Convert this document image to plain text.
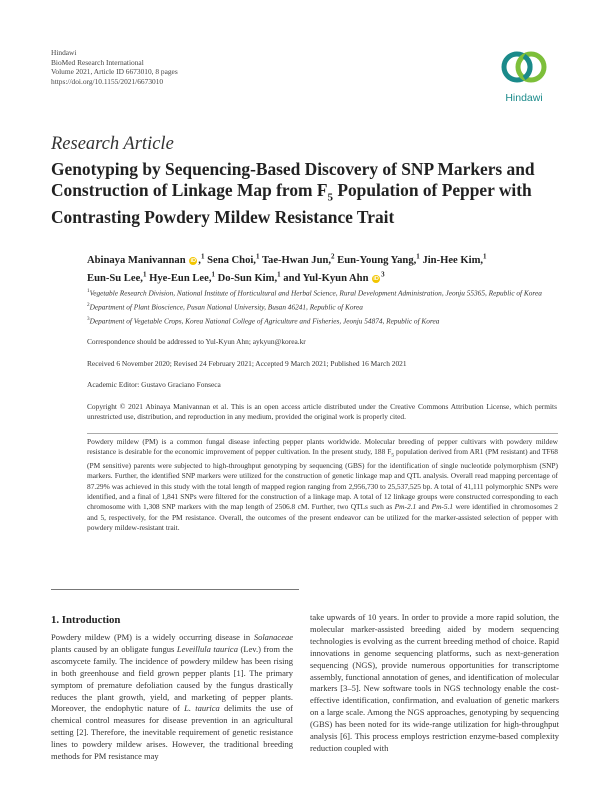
Hindawi
BioMed Research International
Volume 2021, Article ID 6673010, 8 pages
https://doi.org/10.1155/2021/6673010
Hindawi
Research Article
Genotyping by Sequencing-Based Discovery of SNP Markers and
Construction of Linkage Map from $F_5$ Population of Pepper with
Contrasting Powdery Mildew Resistance Trait
Abinaya Manivannan iD ,$^1$ Sena Choi,$^1$ Tae-Hwan Jun,$^2$ Eun-Young Yang,$^1$ Jin-Hee Kim,$^1$
Eun-Su Lee,$^1$ Hye-Eun Lee,$^1$ Do-Sun Kim,$^1$ and Yul-Kyun Ahn $iD^3$
$^1$Vegetable Research Division, National Institute of Horticultural and Herbal Science, Rural Development Administration, Jeonju 55365, Republic of Korea
$^2$Department of Plant Bioscience, Pusan National University, Busan 46241, Republic of Korea
$^3$Department of Vegetable Crops, Korea National College of Agriculture and Fisheries, Jeonju 54874, Republic of Korea
Correspondence should be addressed to Yul-Kyun Ahn; aykyun@korea.kr
Received 6 November 2020; Revised 24 February 2021; Accepted 9 March 2021; Published 16 March 2021
Academic Editor: Gustavo Graciano Fonseca
Copyright © 2021 Abinaya Manivannan et al. This is an open access article distributed under the Creative Commons Attribution License, which permits unrestricted use, distribution, and reproduction in any medium, provided the original work is properly cited.
Powdery mildew (PM) is a common fungal disease infecting pepper plants worldwide. Molecular breeding of pepper cultivars with powdery mildew resistance is desirable for the economic improvement of pepper cultivation. In the present study, 188 $F_5$ population derived from AR1 (PM resistant) and TF68 (PM sensitive) parents were subjected to high-throughput genotyping by sequencing (GBS) for the identification of single nucleotide polymorphism (SNP) markers. Further, the identified SNP markers were utilized for the construction of genetic linkage map and QTL analysis. Overall read mapping percentage of 87.29% was achieved in this study with the total length of mapped region ranging from 2,956,730 to 25,537,525 bp. A total of 41,111 polymorphic SNPs were identified, and a final of 1,841 SNPs were filtered for the construction of a linkage map. A total of 12 linkage groups were constructed corresponding to each chromosome with 1,308 SNP markers with the map length of 2506.8 cM. Further, two QTLs such as Pm-2.1 and Pm-5.1 were identified in chromosomes 2 and 5, respectively, for the PM resistance. Overall, the outcomes of the present endeavor can be utilized for the marker-assisted selection of pepper with powdery mildew-resistant trait.
1. Introduction
Powdery mildew (PM) is a widely occurring disease in Solanaceae plants caused by an obligate fungus Leveillula taurica (Lev.) from the ascomycete family. The incidence of powdery mildew has been rising in both greenhouse and field grown pepper plants [1]. The primary symptom of premature defoliation caused by the fungus drastically reduces the plant growth, yield, and marketing of pepper plants. Moreover, the endophytic nature of L. taurica delimits the use of chemical control measures for disease prevention in an agricultural setting [2]. Therefore, the inevitable requirement of genetic resistance lines to powdery mildew arises. However, the traditional breeding methods for PM resistance may
take upwards of 10 years. In order to provide a more rapid solution, the molecular marker-assisted breeding aided by modern sequencing technologies is evolving as the current breeding method of choice. Rapid innovations in genome sequencing platforms, such as next-generation sequencing (NGS), provide numerous opportunities for transcriptome assembly, functional annotation of genes, and identification of molecular markers [3–5]. New software tools in NGS technology enable the cost-effective identification, confirmation, and evaluation of genetic markers on a large scale. Among the NGS approaches, genotyping by sequencing (GBS) has been noted for its wide-range utilization for high-throughput analysis [6]. This process employs restriction enzyme-based complexity reduction coupled with
